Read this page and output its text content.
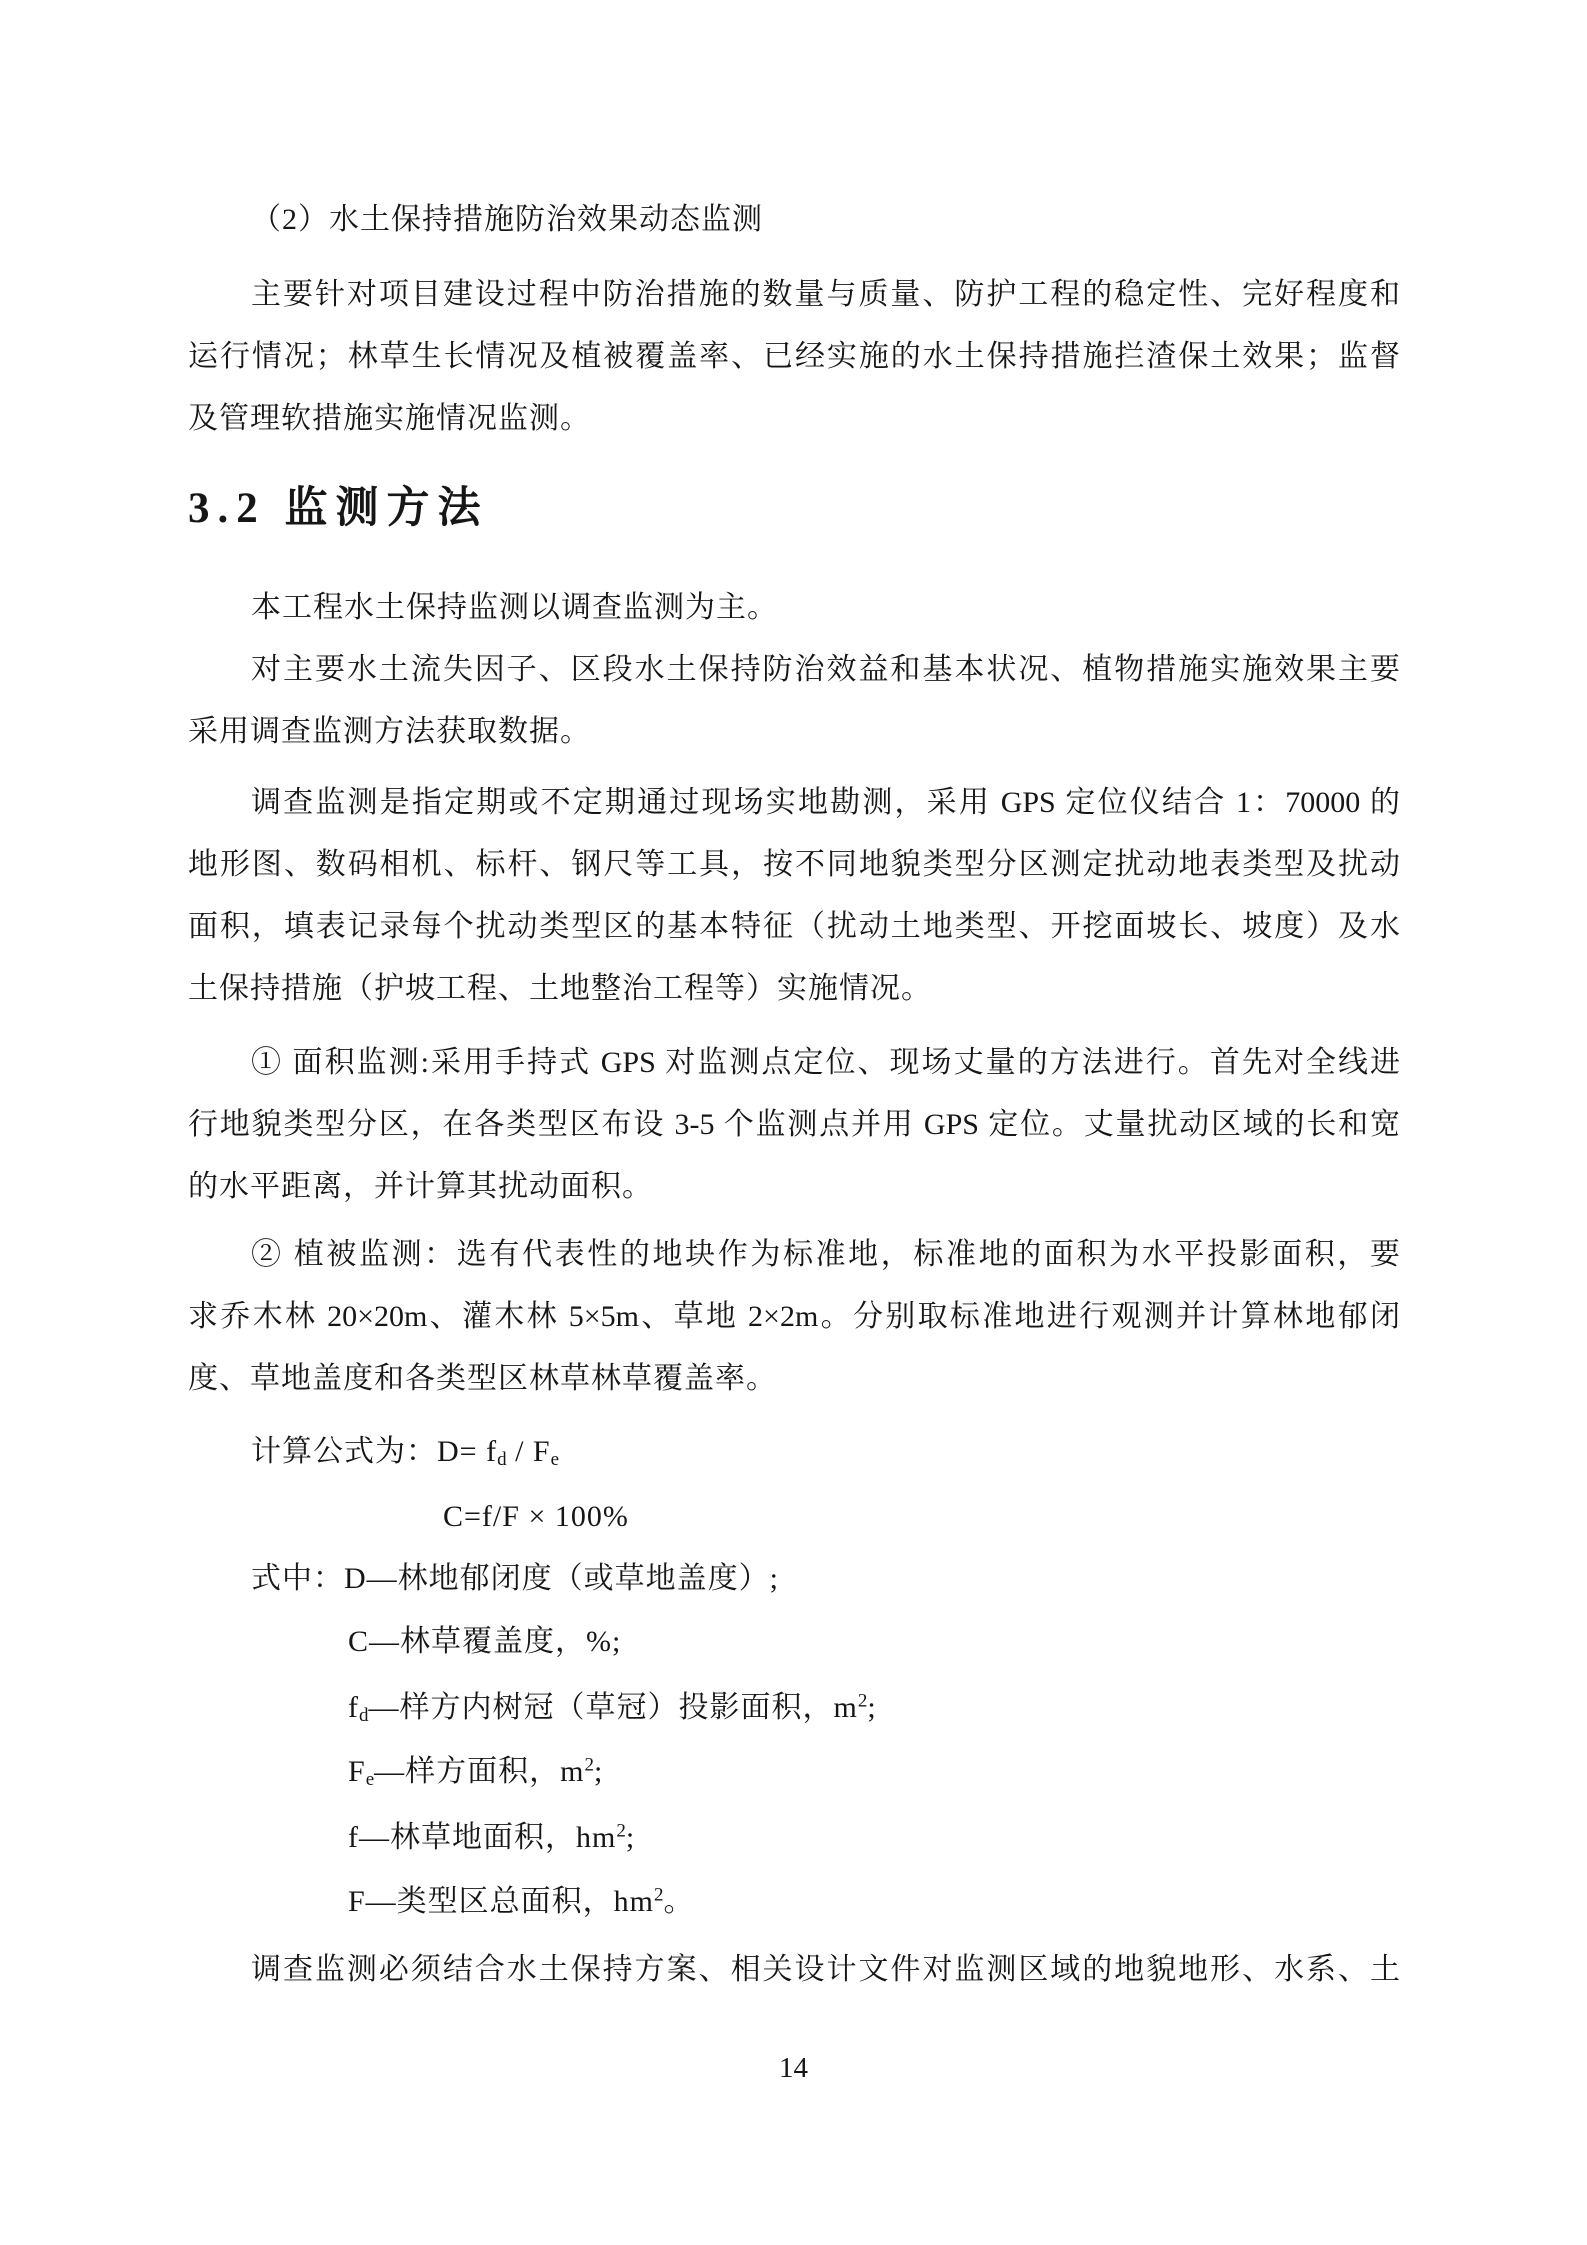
（2）水土保持措施防治效果动态监测
主要针对项目建设过程中防治措施的数量与质量、防护工程的稳定性、完好程度和
运行情况；林草生长情况及植被覆盖率、已经实施的水土保持措施拦渣保土效果；监督
及管理软措施实施情况监测。
3.2 监测方法
本工程水土保持监测以调查监测为主。
对主要水土流失因子、区段水土保持防治效益和基本状况、植物措施实施效果主要
采用调查监测方法获取数据。
调查监测是指定期或不定期通过现场实地勘测，采用 GPS 定位仪结合 1：70000 的
地形图、数码相机、标杆、钢尺等工具，按不同地貌类型分区测定扰动地表类型及扰动
面积，填表记录每个扰动类型区的基本特征（扰动土地类型、开挖面坡长、坡度）及水
土保持措施（护坡工程、土地整治工程等）实施情况。
① 面积监测:采用手持式 GPS 对监测点定位、现场丈量的方法进行。首先对全线进
行地貌类型分区，在各类型区布设 3-5 个监测点并用 GPS 定位。丈量扰动区域的长和宽
的水平距离，并计算其扰动面积。
② 植被监测：选有代表性的地块作为标准地，标准地的面积为水平投影面积，要
求乔木林 20×20m、灌木林 5×5m、草地 2×2m。分别取标准地进行观测并计算林地郁闭
度、草地盖度和各类型区林草林草覆盖率。
计算公式为：$D= f_d / F_e$
C=f/F × 100%
式中：D—林地郁闭度（或草地盖度）;
C—林草覆盖度，%;
$f_d—$样方内树冠（草冠）投影面积，$m^2$;
$F_e—$样方面积，$m^2$;
f—林草地面积，$hm^2$;
F—类型区总面积，$hm^2$。
调查监测必须结合水土保持方案、相关设计文件对监测区域的地貌地形、水系、土
14
